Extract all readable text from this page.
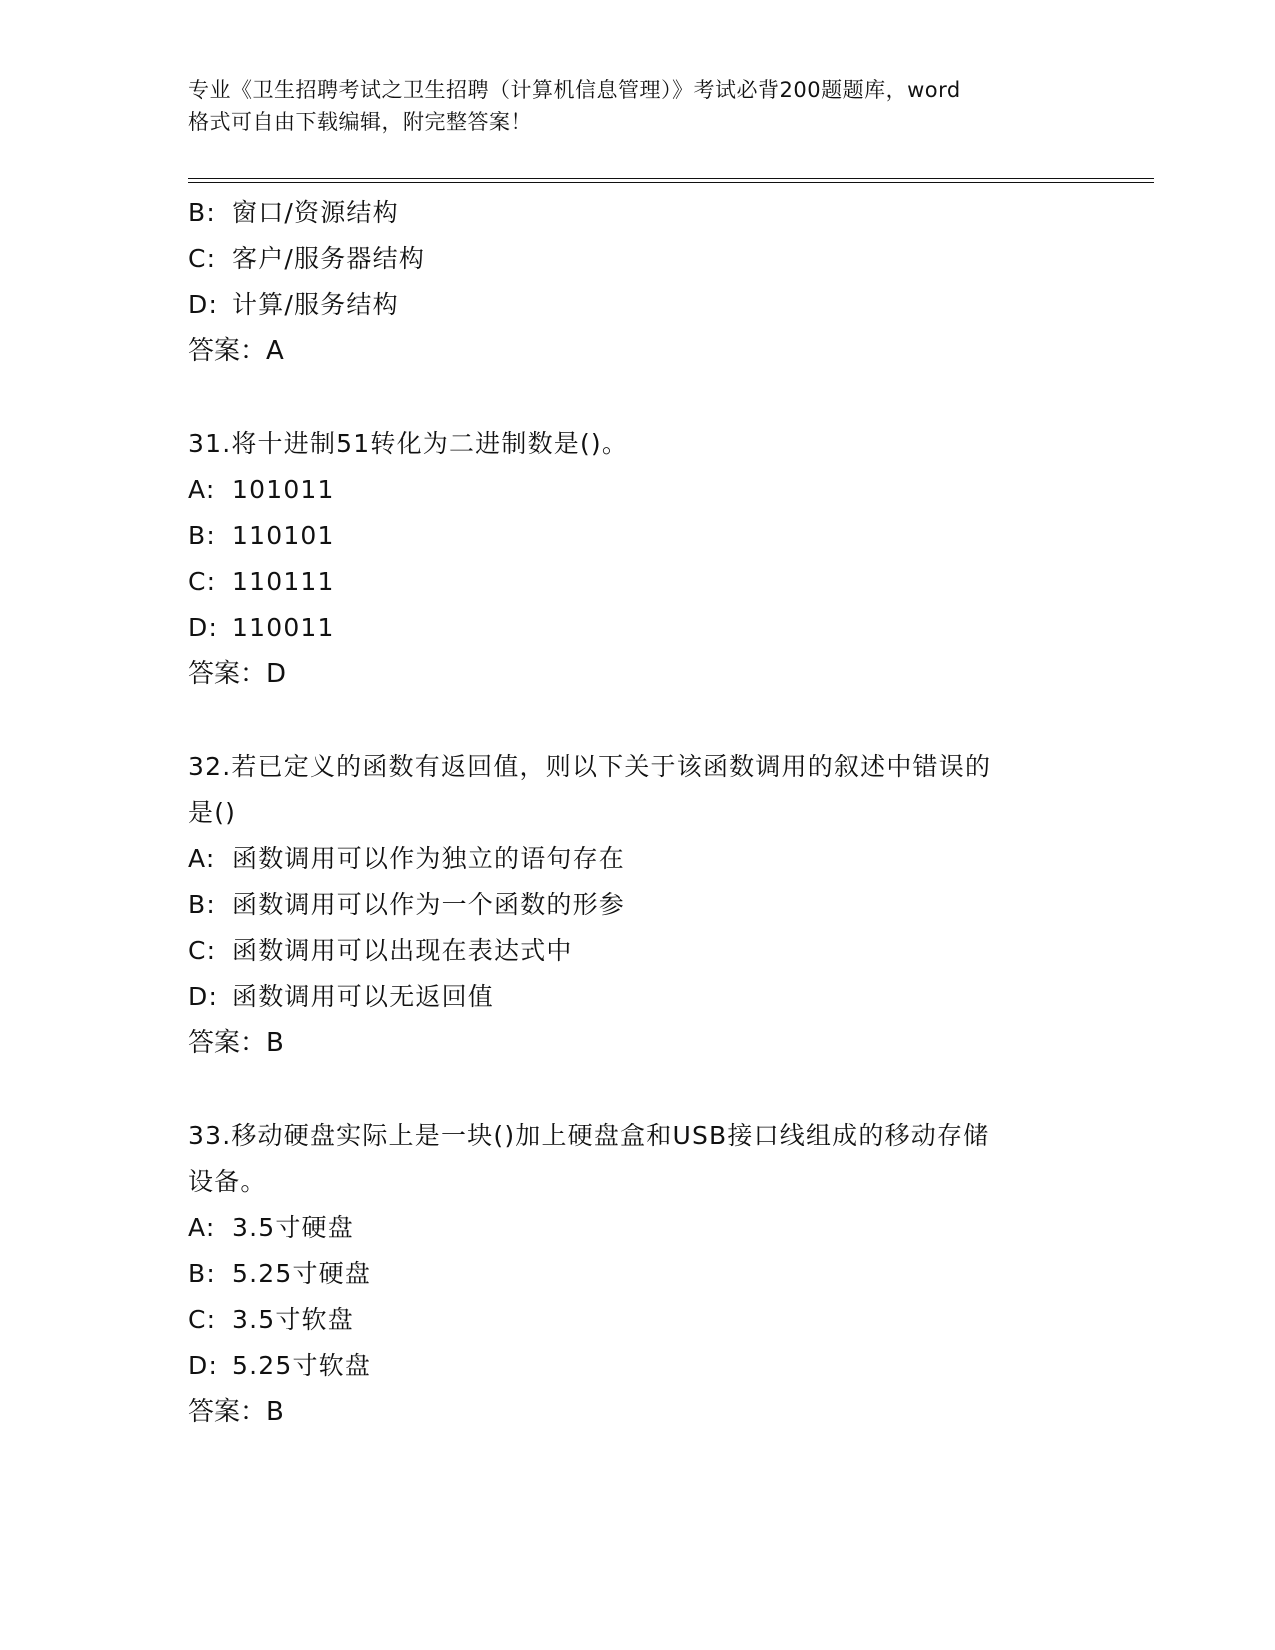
专业《卫生招聘考试之卫生招聘（计算机信息管理）》考试必背200题题库，word
格式可自由下载编辑，附完整答案！
B: 窗口/资源结构
C: 客户/服务器结构
D: 计算/服务结构
答案：A
31.将十进制51转化为二进制数是()。
A: 101011
B: 110101
C: 110111
D: 110011
答案：D
32.若已定义的函数有返回值，则以下关于该函数调用的叙述中错误的
是()
A: 函数调用可以作为独立的语句存在
B: 函数调用可以作为一个函数的形参
C: 函数调用可以出现在表达式中
D: 函数调用可以无返回值
答案：B
33.移动硬盘实际上是一块()加上硬盘盒和USB接口线组成的移动存储
设备。
A: 3.5寸硬盘
B: 5.25寸硬盘
C: 3.5寸软盘
D: 5.25寸软盘
答案：B
